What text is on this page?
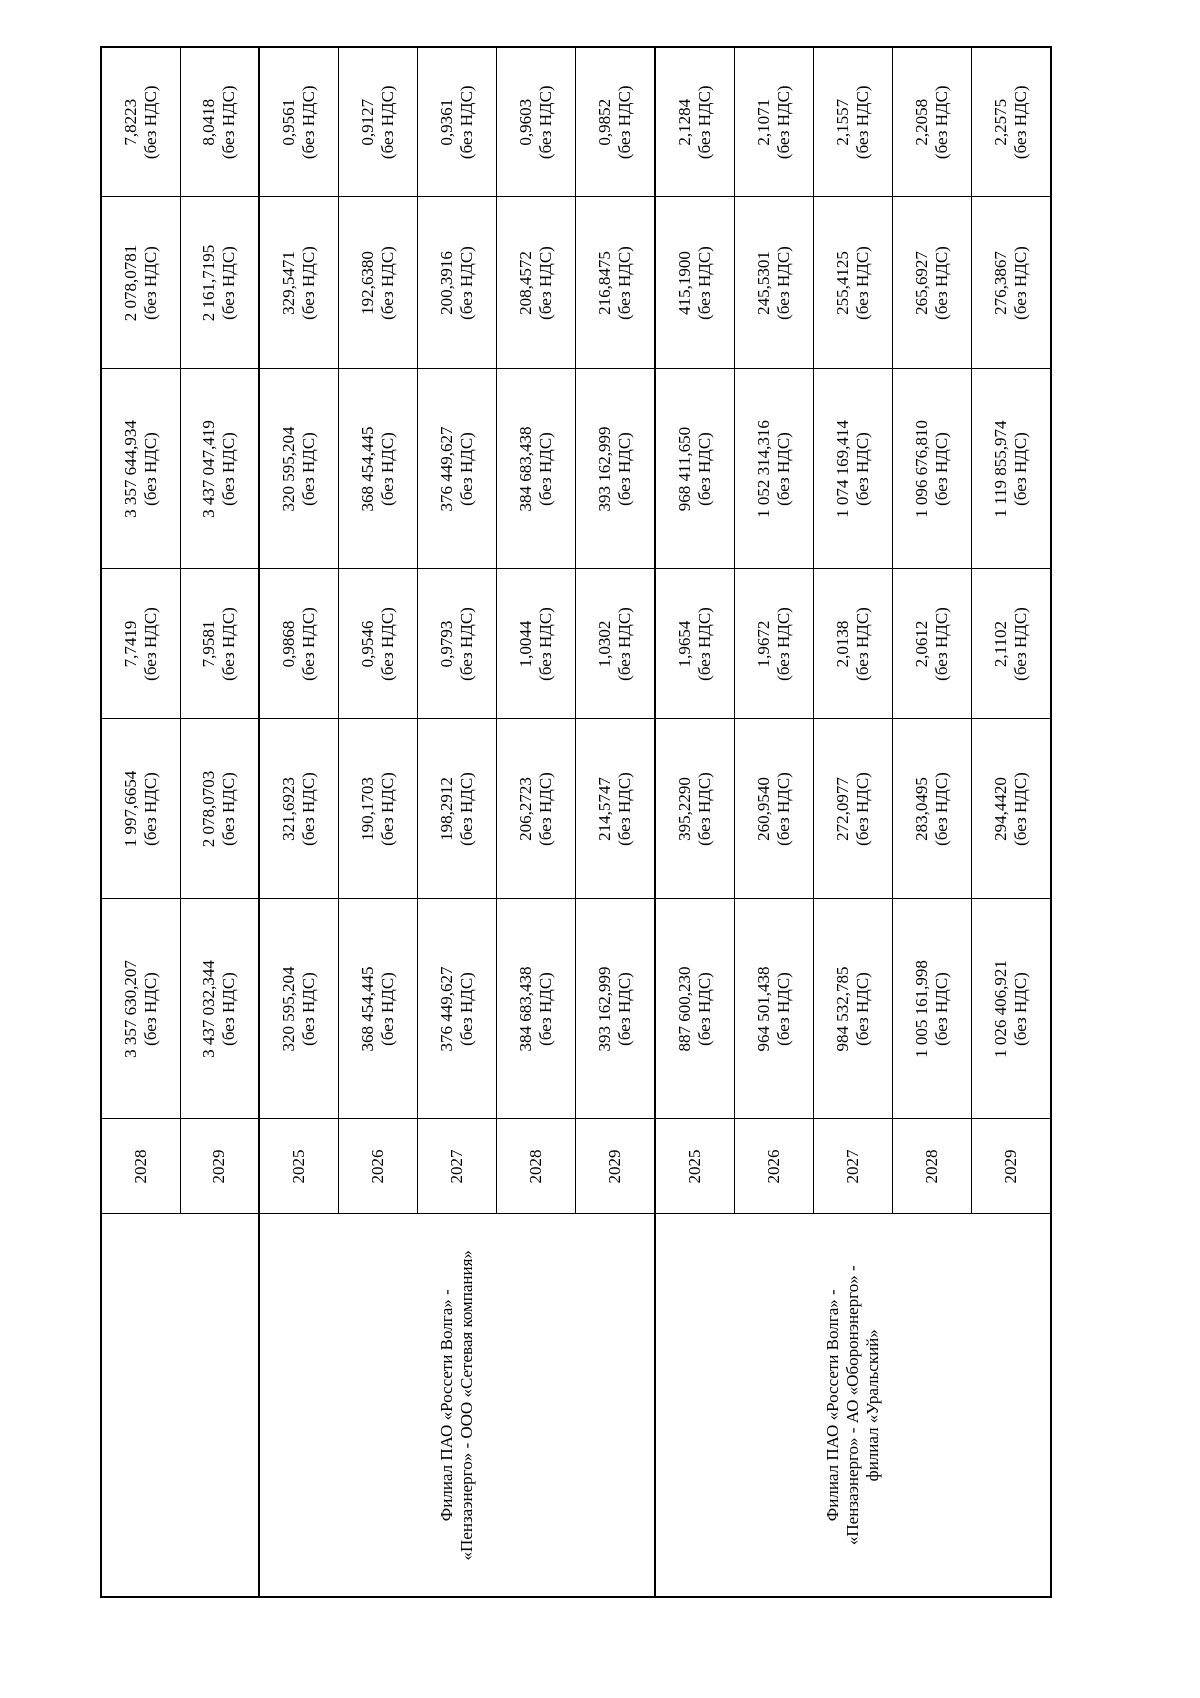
	2028	3 357 630,207 (без НДС)	1 997,6654 (без НДС)	7,7419 (без НДС)	3 357 644,934 (без НДС)	2 078,0781 (без НДС)	7,8223 (без НДС)

	2029	3 437 032,344 (без НДС)	2 078,0703 (без НДС)	7,9581 (без НДС)	3 437 047,419 (без НДС)	2 161,7195 (без НДС)	8,0418 (без НДС)

Филиал ПАО «Россети Волга» - «Пензаэнерго» - ООО «Сетевая компания»	2025	320 595,204 (без НДС)	321,6923 (без НДС)	0,9868 (без НДС)	320 595,204 (без НДС)	329,5471 (без НДС)	0,9561 (без НДС)

	2026	368 454,445 (без НДС)	190,1703 (без НДС)	0,9546 (без НДС)	368 454,445 (без НДС)	192,6380 (без НДС)	0,9127 (без НДС)

	2027	376 449,627 (без НДС)	198,2912 (без НДС)	0,9793 (без НДС)	376 449,627 (без НДС)	200,3916 (без НДС)	0,9361 (без НДС)

	2028	384 683,438 (без НДС)	206,2723 (без НДС)	1,0044 (без НДС)	384 683,438 (без НДС)	208,4572 (без НДС)	0,9603 (без НДС)

	2029	393 162,999 (без НДС)	214,5747 (без НДС)	1,0302 (без НДС)	393 162,999 (без НДС)	216,8475 (без НДС)	0,9852 (без НДС)

Филиал ПАО «Россети Волга» - «Пензаэнерго» - АО «Оборонэнерго» - филиал «Уральский»	2025	887 600,230 (без НДС)	395,2290 (без НДС)	1,9654 (без НДС)	968 411,650 (без НДС)	415,1900 (без НДС)	2,1284 (без НДС)

	2026	964 501,438 (без НДС)	260,9540 (без НДС)	1,9672 (без НДС)	1 052 314,316 (без НДС)	245,5301 (без НДС)	2,1071 (без НДС)

	2027	984 532,785 (без НДС)	272,0977 (без НДС)	2,0138 (без НДС)	1 074 169,414 (без НДС)	255,4125 (без НДС)	2,1557 (без НДС)

	2028	1 005 161,998 (без НДС)	283,0495 (без НДС)	2,0612 (без НДС)	1 096 676,810 (без НДС)	265,6927 (без НДС)	2,2058 (без НДС)

	2029	1 026 406,921 (без НДС)	294,4420 (без НДС)	2,1102 (без НДС)	1 119 855,974 (без НДС)	276,3867 (без НДС)	2,2575 (без НДС)
